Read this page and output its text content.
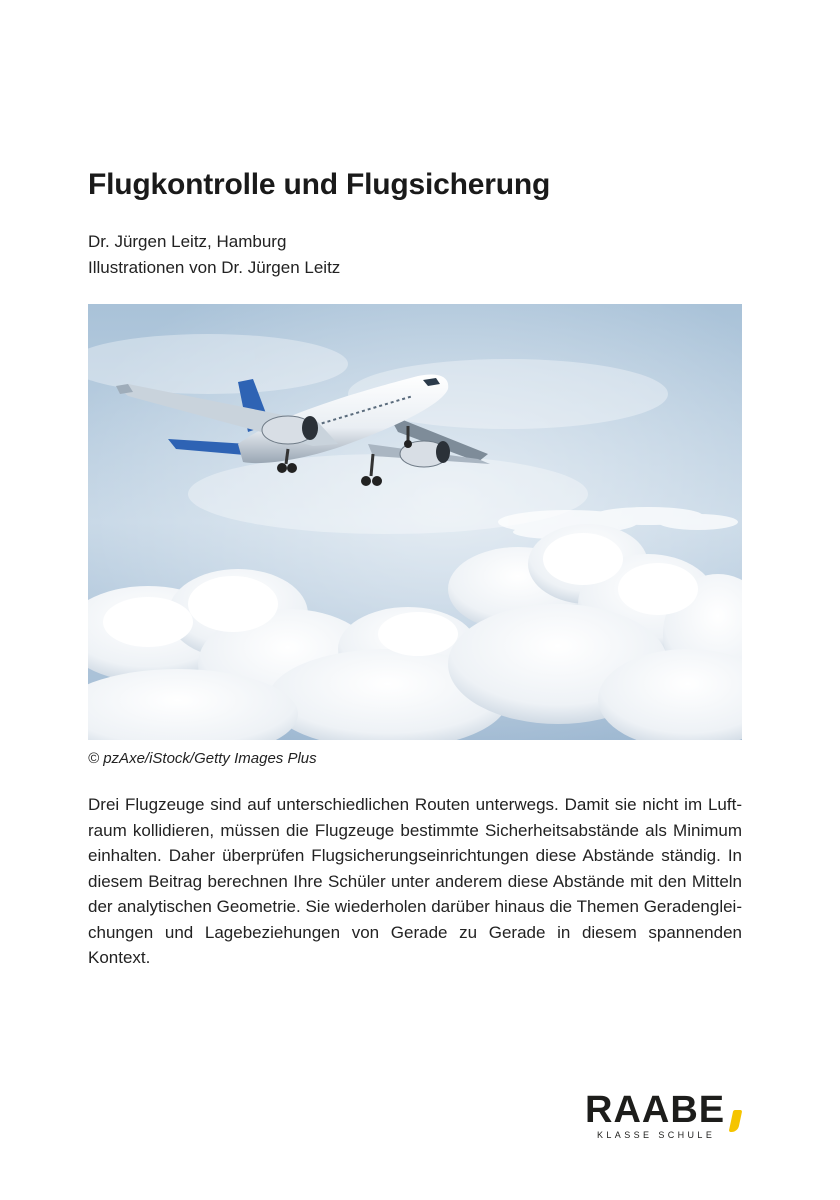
Flugkontrolle und Flugsicherung
Dr. Jürgen Leitz, Hamburg
Illustrationen von Dr. Jürgen Leitz
© pzAxe/iStock/Getty Images Plus

Drei Flugzeuge sind auf unterschiedlichen Routen unterwegs. Damit sie nicht im Luftraum kollidieren, müssen die Flugzeuge bestimmte Sicherheitsabstände als Minimum einhalten. Daher überprüfen Flugsicherungseinrichtungen diese Abstände ständig. In diesem Beitrag berechnen Ihre Schüler unter anderem diese Abstände mit den Mitteln der analytischen Geometrie. Sie wiederholen darüber hinaus die Themen Geradengleichungen und Lagebeziehungen von Gerade zu Gerade in diesem spannenden Kontext.

RAABE
KLASSE SCHULE
